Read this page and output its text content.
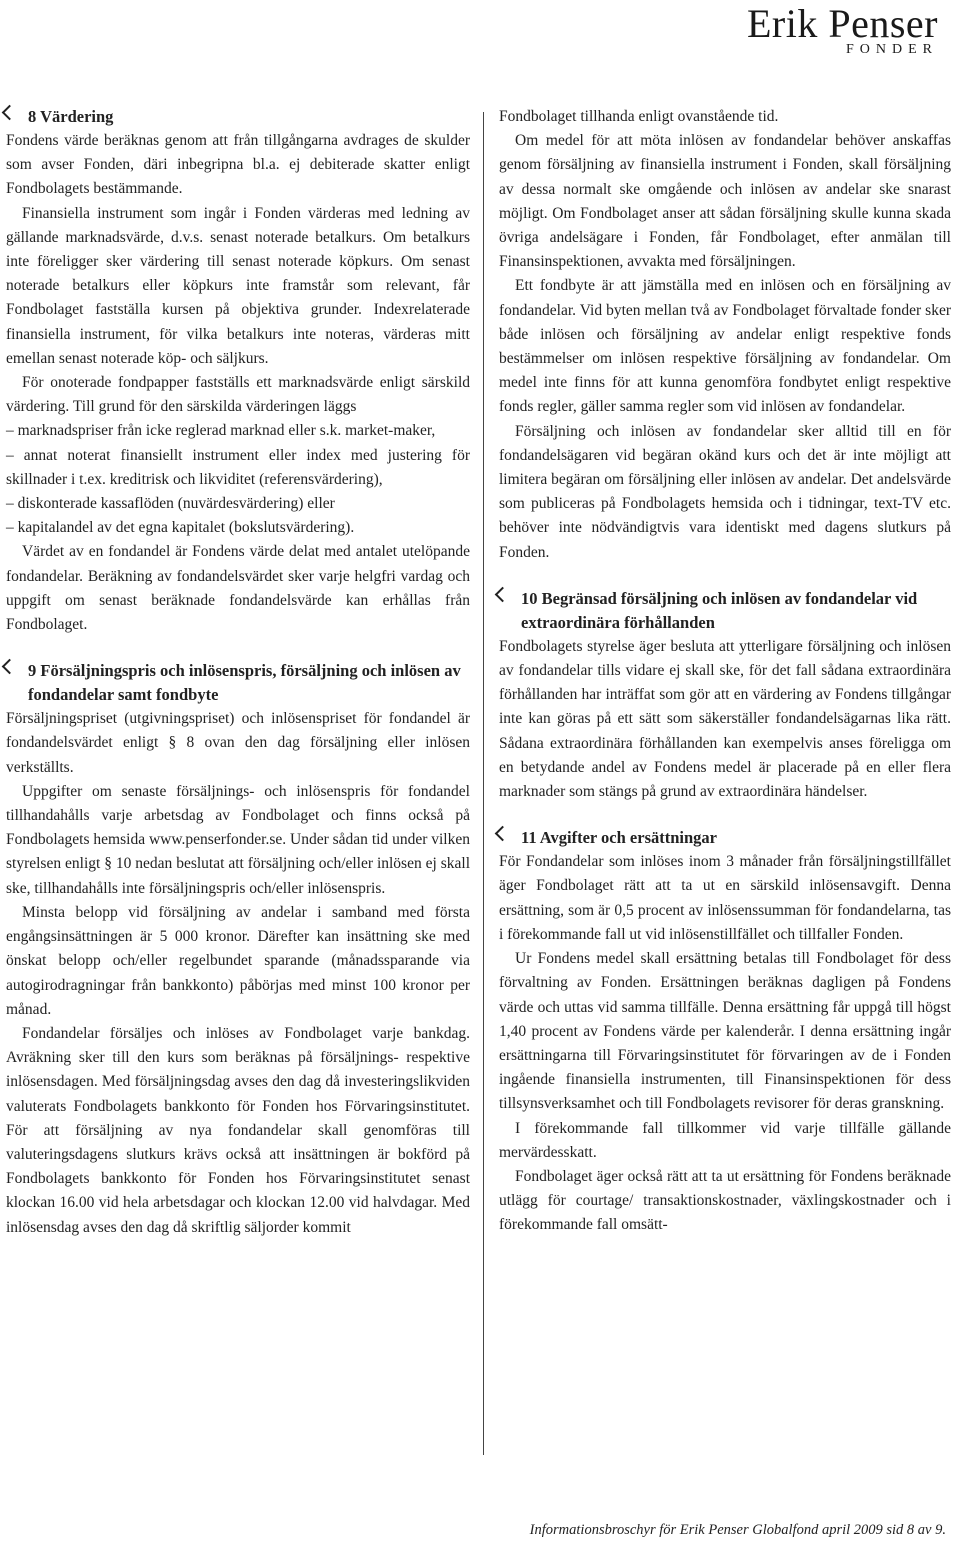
Erik Penser
FONDER
8 Värdering

Fondens värde beräknas genom att från tillgångarna avdrages de skulder som avser Fonden, däri inbegripna bl.a. ej debiterade skatter enligt Fondbolagets bestämmande.

Finansiella instrument som ingår i Fonden värderas med ledning av gällande marknadsvärde, d.v.s. senast noterade betalkurs. Om betalkurs inte föreligger sker värdering till senast noterade köpkurs. Om senast noterade betalkurs eller köpkurs inte framstår som relevant, får Fondbolaget fastställa kursen på objektiva grunder. Indexrelaterade finansiella instrument, för vilka betalkurs inte noteras, värderas mitt emellan senast noterade köp- och säljkurs.

För onoterade fondpapper fastställs ett marknadsvärde enligt särskild värdering. Till grund för den särskilda värderingen läggs

– marknadspriser från icke reglerad marknad eller s.k. market-maker,

– annat noterat finansiellt instrument eller index med justering för skillnader i t.ex. kreditrisk och likviditet (referensvärdering),

– diskonterade kassaflöden (nuvärdesvärdering) eller

– kapitalandel av det egna kapitalet (bokslutsvärdering).

Värdet av en fondandel är Fondens värde delat med antalet utelöpande fondandelar. Beräkning av fondandelsvärdet sker varje helgfri vardag och uppgift om senast beräknade fondandelsvärde kan erhållas från Fondbolaget.

9 Försäljningspris och inlösenspris, försäljning och inlösen av fondandelar samt fondbyte

Försäljningspriset (utgivningspriset) och inlösenspriset för fondandel är fondandelsvärdet enligt § 8 ovan den dag försäljning eller inlösen verkställts.

Uppgifter om senaste försäljnings- och inlösenspris för fondandel tillhandahålls varje arbetsdag av Fondbolaget och finns också på Fondbolagets hemsida www.penserfonder.se. Under sådan tid under vilken styrelsen enligt § 10 nedan beslutat att försäljning och/eller inlösen ej skall ske, tillhandahålls inte försäljningspris och/eller inlösenspris.

Minsta belopp vid försäljning av andelar i samband med första engångsinsättningen är 5 000 kronor. Därefter kan insättning ske med önskat belopp och/eller regelbundet sparande (månadssparande via autogirodragningar från bankkonto) påbörjas med minst 100 kronor per månad.

Fondandelar försäljes och inlöses av Fondbolaget varje bankdag. Avräkning sker till den kurs som beräknas på försäljnings- respektive inlösensdagen. Med försäljningsdag avses den dag då investeringslikviden valuterats Fondbolagets bankkonto för Fonden hos Förvaringsinstitutet. För att försäljning av nya fondandelar skall genomföras till valuteringsdagens slutkurs krävs också att insättningen är bokförd på Fondbolagets bankkonto för Fonden hos Förvaringsinstitutet senast klockan 16.00 vid hela arbetsdagar och klockan 12.00 vid halvdagar. Med inlösensdag avses den dag då skriftlig säljorder kommit

Fondbolaget tillhanda enligt ovanstående tid.

Om medel för att möta inlösen av fondandelar behöver anskaffas genom försäljning av finansiella instrument i Fonden, skall försäljning av dessa normalt ske omgående och inlösen av andelar ske snarast möjligt. Om Fondbolaget anser att sådan försäljning skulle kunna skada övriga andelsägare i Fonden, får Fondbolaget, efter anmälan till Finansinspektionen, avvakta med försäljningen.

Ett fondbyte är att jämställa med en inlösen och en försäljning av fondandelar. Vid byten mellan två av Fondbolaget förvaltade fonder sker både inlösen och försäljning av andelar enligt respektive fonds bestämmelser om inlösen respektive försäljning av fondandelar. Om medel inte finns för att kunna genomföra fondbytet enligt respektive fonds regler, gäller samma regler som vid inlösen av fondandelar.

Försäljning och inlösen av fondandelar sker alltid till en för fondandelsägaren vid begäran okänd kurs och det är inte möjligt att limitera begäran om försäljning eller inlösen av andelar. Det andelsvärde som publiceras på Fondbolagets hemsida och i tidningar, text-TV etc. behöver inte nödvändigtvis vara identiskt med dagens slutkurs på Fonden.

10 Begränsad försäljning och inlösen av fondandelar vid extraordinära förhållanden

Fondbolagets styrelse äger besluta att ytterligare försäljning och inlösen av fondandelar tills vidare ej skall ske, för det fall sådana extraordinära förhållanden har inträffat som gör att en värdering av Fondens tillgångar inte kan göras på ett sätt som säkerställer fondandelsägarnas lika rätt. Sådana extraordinära förhållanden kan exempelvis anses föreligga om en betydande andel av Fondens medel är placerade på en eller flera marknader som stängs på grund av extraordinära händelser.

11 Avgifter och ersättningar

För Fondandelar som inlöses inom 3 månader från försäljningstillfället äger Fondbolaget rätt att ta ut en särskild inlösensavgift. Denna ersättning, som är 0,5 procent av inlösenssumman för fondandelarna, tas i förekommande fall ut vid inlösenstillfället och tillfaller Fonden.

Ur Fondens medel skall ersättning betalas till Fondbolaget för dess förvaltning av Fonden. Ersättningen beräknas dagligen på Fondens värde och uttas vid samma tillfälle. Denna ersättning får uppgå till högst 1,40 procent av Fondens värde per kalenderår. I denna ersättning ingår ersättningarna till Förvaringsinstitutet för förvaringen av de i Fonden ingående finansiella instrumenten, till Finansinspektionen för dess tillsynsverksamhet och till Fondbolagets revisorer för deras granskning.

I förekommande fall tillkommer vid varje tillfälle gällande mervärdesskatt.

Fondbolaget äger också rätt att ta ut ersättning för Fondens beräknade utlägg för courtage/ transaktionskostnader, växlingskostnader och i förekommande fall omsätt-

Informationsbroschyr för Erik Penser Globalfond april 2009 sid 8 av 9.
